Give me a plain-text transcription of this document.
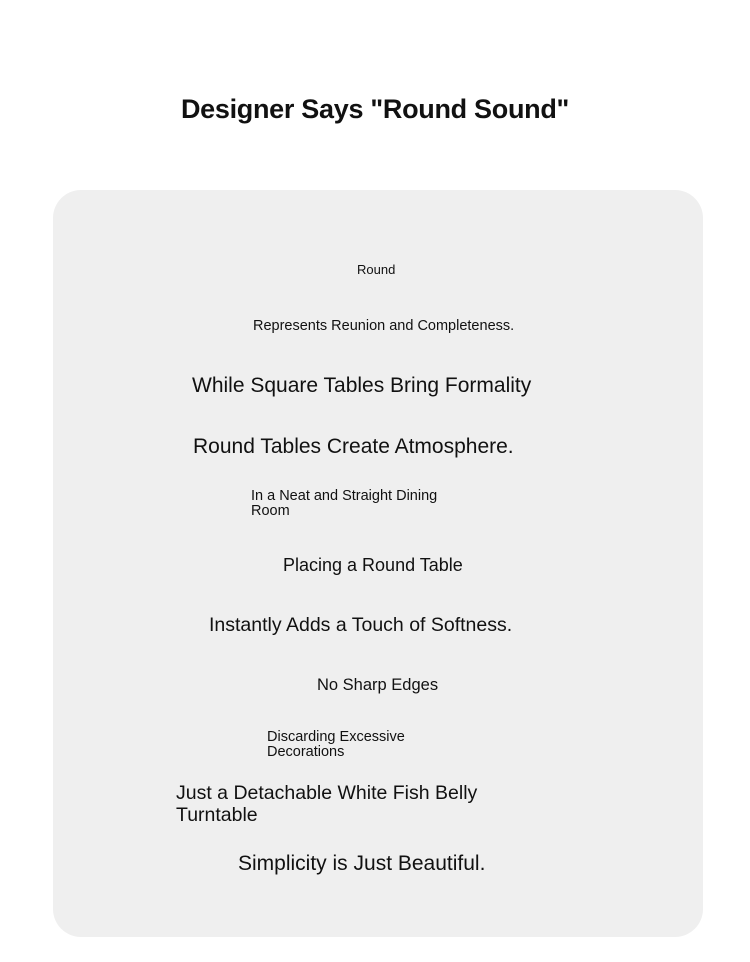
Designer Says "Round Sound"

Round

Represents Reunion and Completeness.

While Square Tables Bring Formality

Round Tables Create Atmosphere.

In a Neat and Straight Dining Room

Placing a Round Table

Instantly Adds a Touch of Softness.

No Sharp Edges

Discarding Excessive Decorations

Just a Detachable White Fish Belly Turntable

Simplicity is Just Beautiful.
